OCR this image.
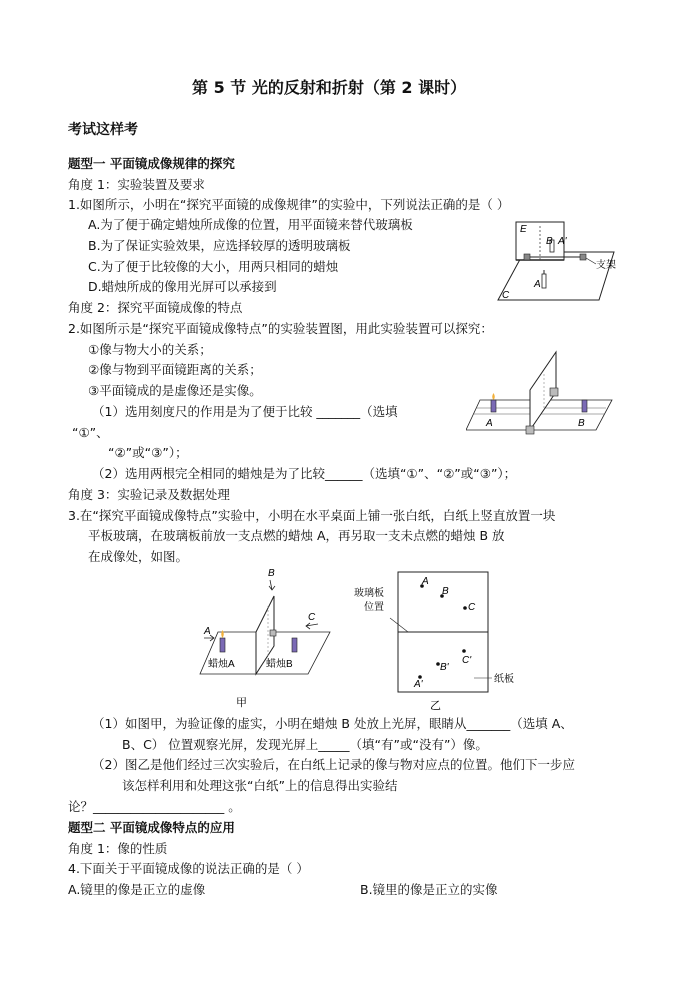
第 5 节 光的反射和折射（第 2 课时）
考试这样考
题型一 平面镜成像规律的探究
角度 1：实验装置及要求
1.如图所示，小明在“探究平面镜的成像规律”的实验中，下列说法正确的是（ ）
A.为了便于确定蜡烛所成像的位置，用平面镜来替代玻璃板
B.为了保证实验效果，应选择较厚的透明玻璃板
C.为了便于比较像的大小，用两只相同的蜡烛
D.蜡烛所成的像用光屏可以承接到
E
B A'
A
C
支架
角度 2：探究平面镜成像的特点
2.如图所示是“探究平面镜成像特点”的实验装置图，用此实验装置可以探究：
①像与物大小的关系；
②像与物到平面镜距离的关系；
③平面镜成的是虚像还是实像。
（1）选用刻度尺的作用是为了便于比较 _______（选填
“①”、
“②”或“③”）；
（2）选用两根完全相同的蜡烛是为了比较______（选填“①”、“②”或“③”）；
A	B
角度 3：实验记录及数据处理
3.在“探究平面镜成像特点”实验中，小明在水平桌面上铺一张白纸，白纸上竖直放置一块
平板玻璃，在玻璃板前放一支点燃的蜡烛 A，再另取一支未点燃的蜡烛 B 放
在成像处，如图。
A
B
C
蜡烛A	蜡烛B
甲
A
B
C
C'
B'
A'
玻璃板
位置
纸板
乙
（1）如图甲，为验证像的虚实，小明在蜡烛 B 处放上光屏，眼睛从_______（选填 A、
B、C） 位置观察光屏，发现光屏上_____（填“有”或“没有”）像。
（2）图乙是他们经过三次实验后，在白纸上记录的像与物对应点的位置。他们下一步应
该怎样利用和处理这张“白纸”上的信息得出实验结
论？_____________________ 。
题型二 平面镜成像特点的应用
角度 1：像的性质
4.下面关于平面镜成像的说法正确的是（ ）
A.镜里的像是正立的虚像	B.镜里的像是正立的实像
